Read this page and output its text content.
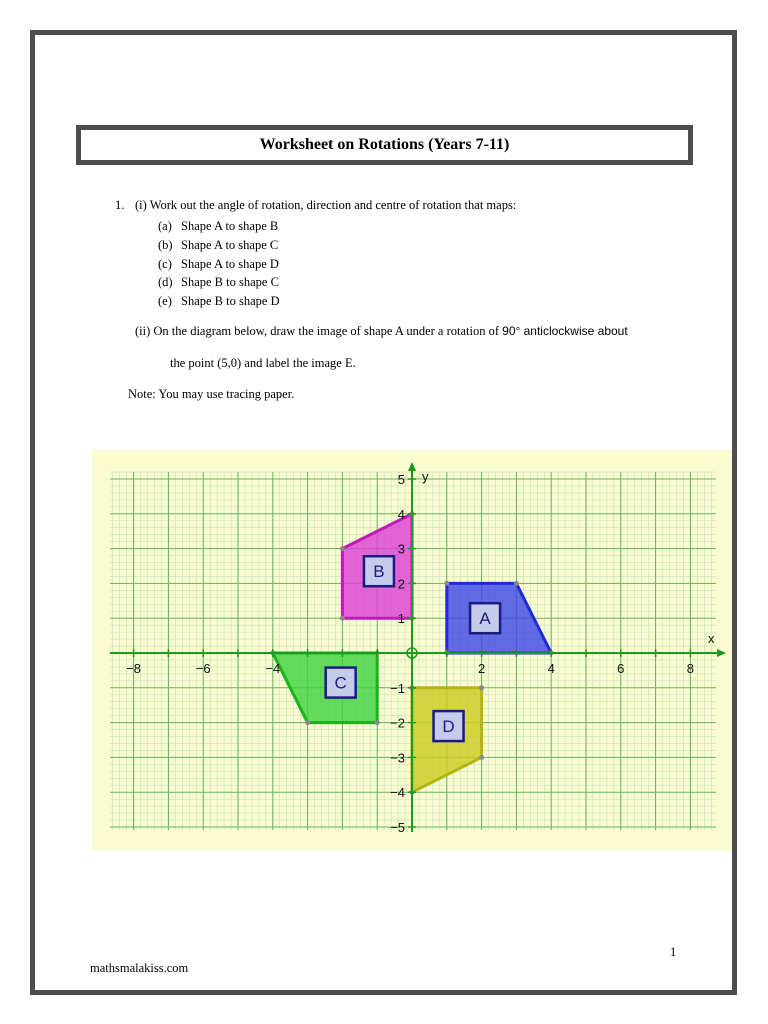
Worksheet on Rotations (Years 7-11)
1. (i) Work out the angle of rotation, direction and centre of rotation that maps:
(a) Shape A to shape B
(b) Shape A to shape C
(c) Shape A to shape D
(d) Shape B to shape C
(e) Shape B to shape D
(ii) On the diagram below, draw the image of shape A under a rotation of 90° anticlockwise about
the point (5,0) and label the image E.
Note: You may use tracing paper.
A
B
C
D
x
y
−8	−6	−4	2	4	6	8
5
4
3
2
1
−1
−2
−3
−4
−5
mathsmalakiss.com
1
